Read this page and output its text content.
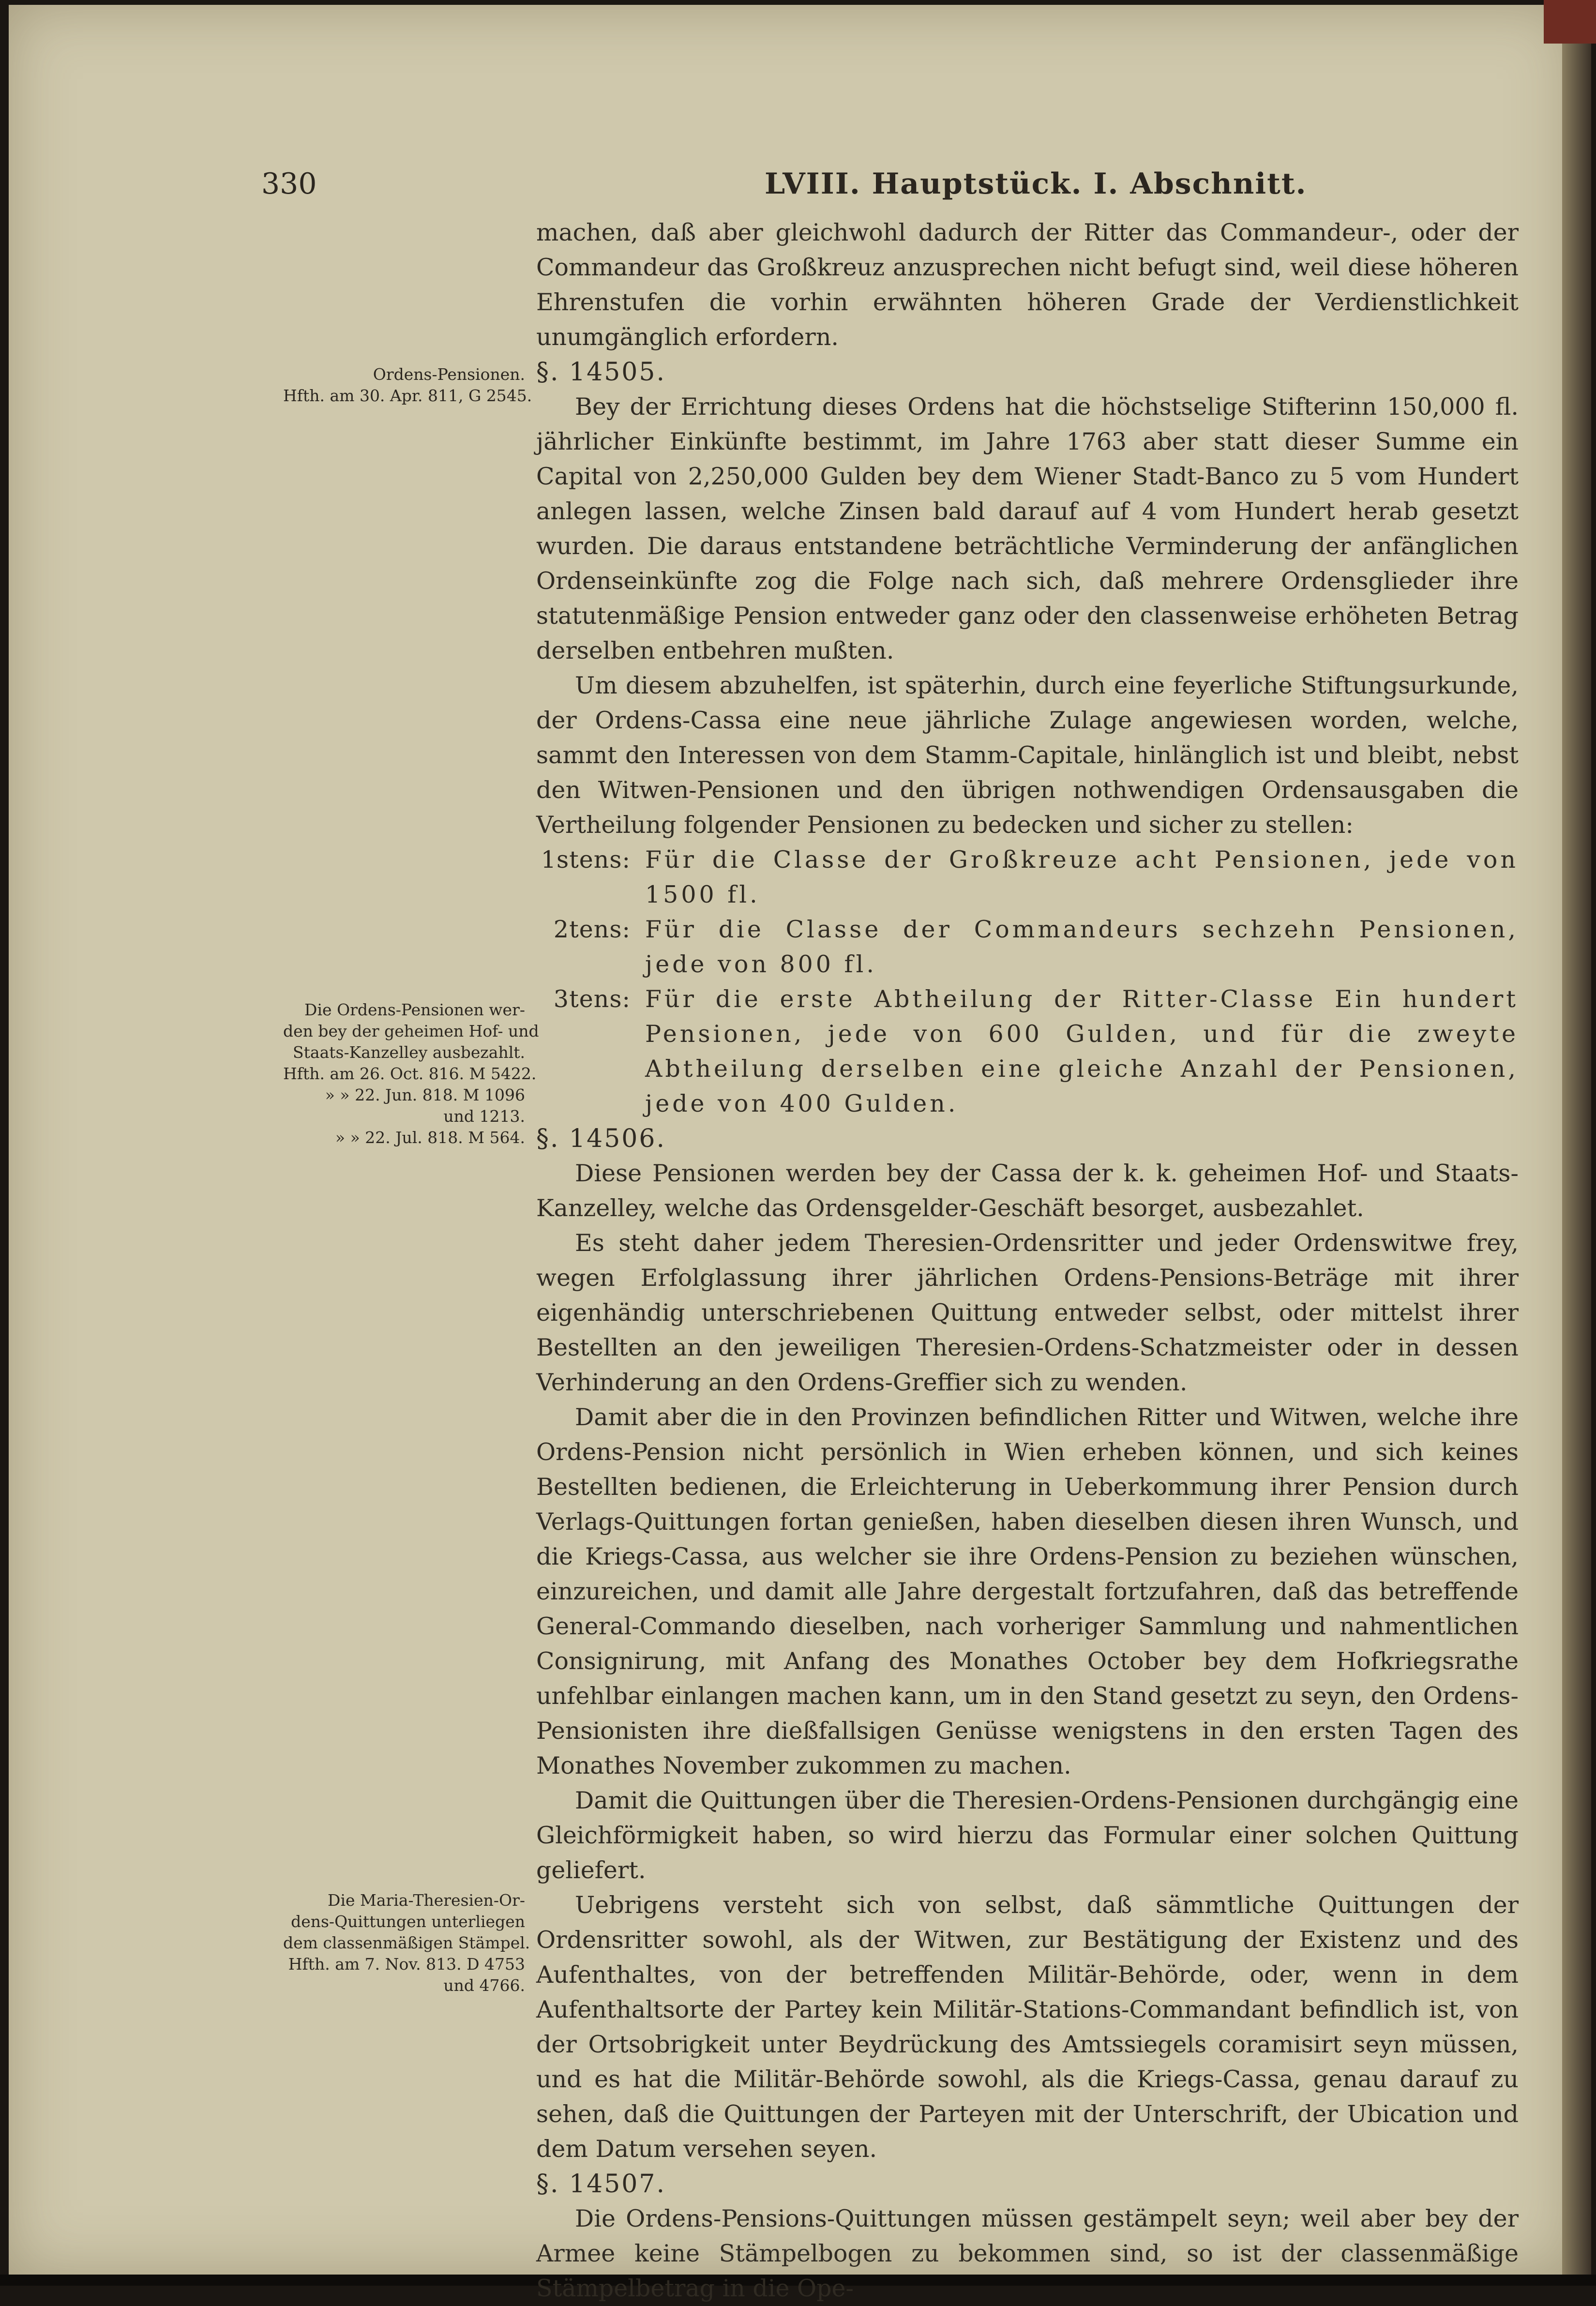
330	LVIII. Hauptstück. I. Abschnitt.

machen, daß aber gleichwohl dadurch der Ritter das Commandeur-, oder der Commandeur das Großkreuz anzusprechen nicht befugt sind, weil diese höheren Ehrenstufen die vorhin erwähnten höheren Grade der Verdienstlichkeit unumgänglich erfordern.

§. 14505.

Bey der Errichtung dieses Ordens hat die höchstselige Stifterinn 150,000 fl. jährlicher Einkünfte bestimmt, im Jahre 1763 aber statt dieser Summe ein Capital von 2,250,000 Gulden bey dem Wiener Stadt-Banco zu 5 vom Hundert anlegen lassen, welche Zinsen bald darauf auf 4 vom Hundert herab gesetzt wurden. Die daraus entstandene beträchtliche Verminderung der anfänglichen Ordenseinkünfte zog die Folge nach sich, daß mehrere Ordensglieder ihre statutenmäßige Pension entweder ganz oder den classenweise erhöheten Betrag derselben entbehren mußten.

Um diesem abzuhelfen, ist späterhin, durch eine feyerliche Stiftungsurkunde, der Ordens-Cassa eine neue jährliche Zulage angewiesen worden, welche, sammt den Interessen von dem Stamm-Capitale, hinlänglich ist und bleibt, nebst den Witwen-Pensionen und den übrigen nothwendigen Ordensausgaben die Vertheilung folgender Pensionen zu bedecken und sicher zu stellen:

1stens: Für die Classe der Großkreuze acht Pensionen, jede von 1500 fl.
2tens: Für die Classe der Commandeurs sechzehn Pensionen, jede von 800 fl.
3tens: Für die erste Abtheilung der Ritter-Classe Ein hundert Pensionen, jede von 600 Gulden, und für die zweyte Abtheilung derselben eine gleiche Anzahl der Pensionen, jede von 400 Gulden.

§. 14506.

Diese Pensionen werden bey der Cassa der k. k. geheimen Hof- und Staats-Kanzelley, welche das Ordensgelder-Geschäft besorget, ausbezahlet.

Es steht daher jedem Theresien-Ordensritter und jeder Ordenswitwe frey, wegen Erfolglassung ihrer jährlichen Ordens-Pensions-Beträge mit ihrer eigenhändig unterschriebenen Quittung entweder selbst, oder mittelst ihrer Bestellten an den jeweiligen Theresien-Ordens-Schatzmeister oder in dessen Verhinderung an den Ordens-Greffier sich zu wenden.

Damit aber die in den Provinzen befindlichen Ritter und Witwen, welche ihre Ordens-Pension nicht persönlich in Wien erheben können, und sich keines Bestellten bedienen, die Erleichterung in Ueberkommung ihrer Pension durch Verlags-Quittungen fortan genießen, haben dieselben diesen ihren Wunsch, und die Kriegs-Cassa, aus welcher sie ihre Ordens-Pension zu beziehen wünschen, einzureichen, und damit alle Jahre dergestalt fortzufahren, daß das betreffende General-Commando dieselben, nach vorheriger Sammlung und nahmentlichen Consignirung, mit Anfang des Monathes October bey dem Hofkriegsrathe unfehlbar einlangen machen kann, um in den Stand gesetzt zu seyn, den Ordens-Pensionisten ihre dießfallsigen Genüsse wenigstens in den ersten Tagen des Monathes November zukommen zu machen.

Damit die Quittungen über die Theresien-Ordens-Pensionen durchgängig eine Gleichförmigkeit haben, so wird hierzu das Formular einer solchen Quittung geliefert.

Uebrigens versteht sich von selbst, daß sämmtliche Quittungen der Ordensritter sowohl, als der Witwen, zur Bestätigung der Existenz und des Aufenthaltes, von der betreffenden Militär-Behörde, oder, wenn in dem Aufenthaltsorte der Partey kein Militär-Stations-Commandant befindlich ist, von der Ortsobrigkeit unter Beydrückung des Amtssiegels coramisirt seyn müssen, und es hat die Militär-Behörde sowohl, als die Kriegs-Cassa, genau darauf zu sehen, daß die Quittungen der Parteyen mit der Unterschrift, der Ubication und dem Datum versehen seyen.

§. 14507.

Die Ordens-Pensions-Quittungen müssen gestämpelt seyn; weil aber bey der Armee keine Stämpelbogen zu bekommen sind, so ist der classenmäßige Stämpelbetrag in die Ope-

Ordens-Pensionen.
Hfth. am 30. Apr. 811, G 2545.
Die Ordens-Pensionen wer-
den bey der geheimen Hof- und
Staats-Kanzelley ausbezahlt.
Hfth. am 26. Oct. 816. M 5422.
» » 22. Jun. 818. M 1096
und 1213.
» » 22. Jul. 818. M 564.
Die Maria-Theresien-Or-
dens-Quittungen unterliegen
dem classenmäßigen Stämpel.
Hfth. am 7. Nov. 813. D 4753
und 4766.
